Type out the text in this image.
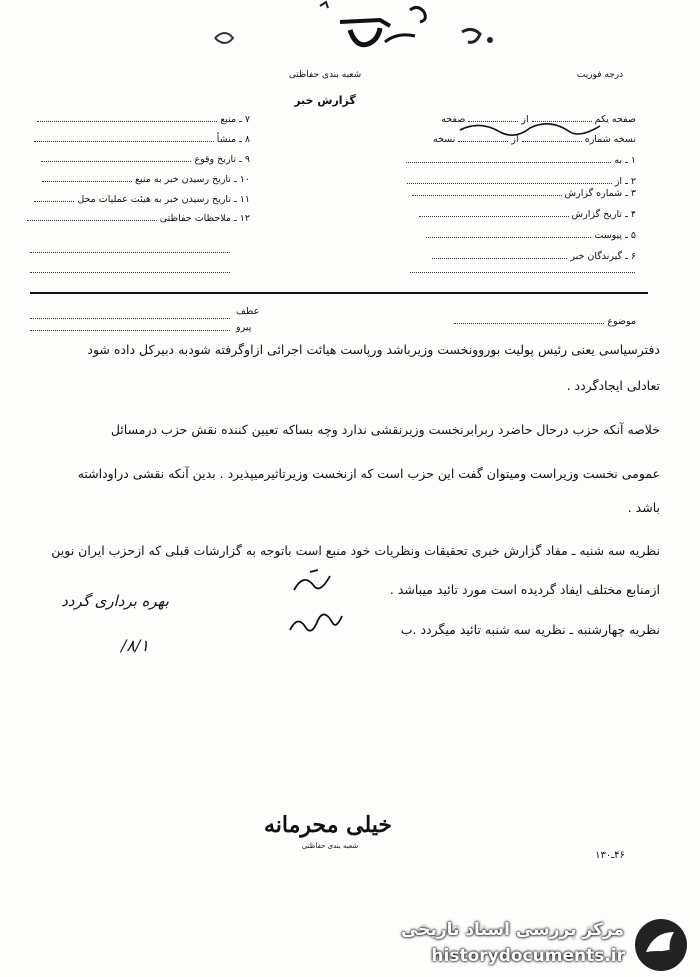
شعبه بندی حفاظتی	درجه فوریت
گزارش خبر
صفحه یکم  از  صفحه
نسخه شماره  از  نسخه
۱ ـ به
۲ ـ از
۳ ـ شماره گزارش
۴ ـ تاریخ گزارش
۵ ـ پیوست
۶ ـ گیرندگان خبر
۷ ـ منبع
۸ ـ منشأ
۹ ـ تاریخ وقوع
۱۰ ـ تاریخ رسیدن خبر به منبع
۱۱ ـ تاریخ رسیدن خبر به هیئت عملیات محل
۱۲ ـ ملاحظات حفاظتی
موضوع
عطف
پیرو
دفترسیاسی یعنی رئیس پولیت بوروونخست وزیرباشد ورپاست هیائت اجرائی ازاوگرفته شودبه دبیرکل داده شود
تعادلی ایجادگردد .
خلاصه آنکه حزب درحال حاضرد ربرابرنخست وزیرنقشی ندارد وچه بساکه تعیین کننده نقش حزب درمسائل
عمومی نخست وزیراست ومیتوان گفت این حزب است که ازنخست وزیرتاثیرمیپذیرد . بدین آنکه نقشی دراوداشته
باشد .
نظریه سه شنبه ـ مفاد گزارش خبری تحقیقات ونظریات خود منبع است باتوجه به گزارشات قبلی که ازحزب ایران نوین
ازمنابع مختلف ایفاد گردیده است مورد تائید میباشد .
نظریه چهارشنبه ـ نظریه سه شنبه تائید میگردد .ب
بهره برداری گردد
۸/۱/
خیلی محرمانه
شعبه بندی حفاظتی
۴۶ـ۱۳۰
مرکز بررسی اسناد تاریخی
historydocuments.ir
